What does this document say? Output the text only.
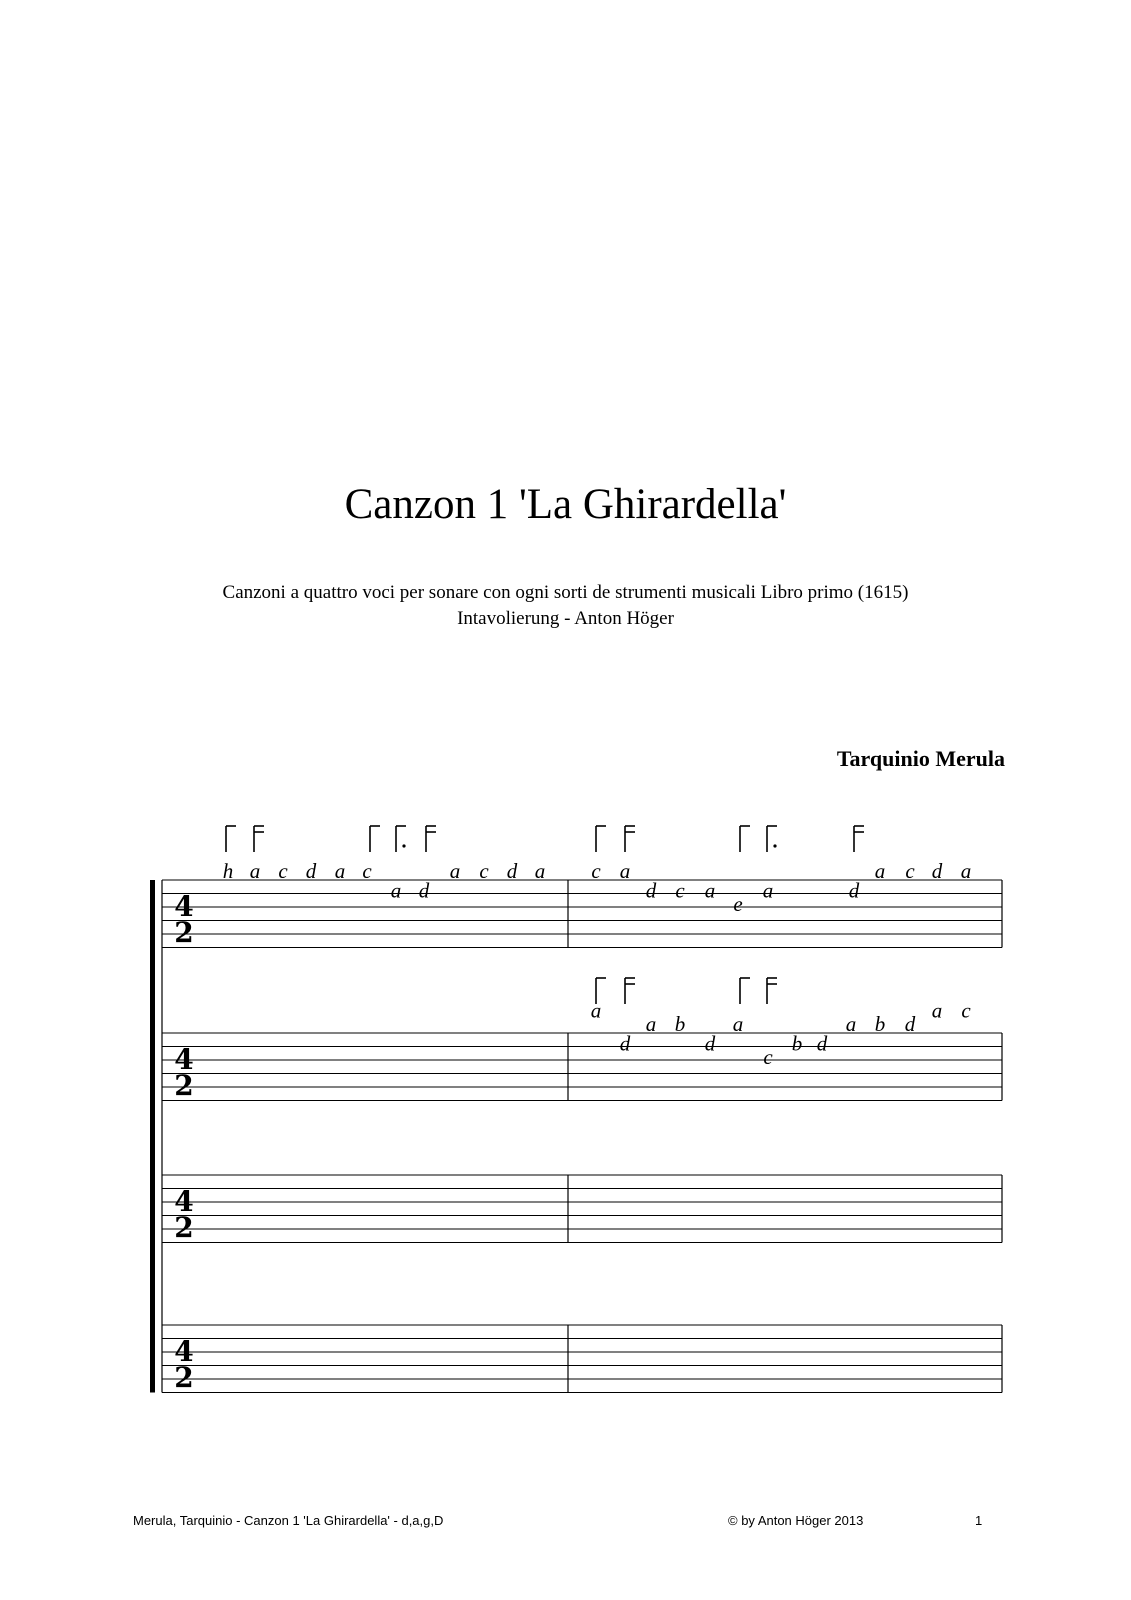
Canzon 1 'La Ghirardella'
Canzoni a quattro voci per sonare con ogni sorti de strumenti musicali Libro primo (1615)
Intavolierung - Anton Höger
Tarquinio Merula
4
2
4
2
4
2
4
2
h a c d a c
a d
a c d a c a
d c a
e
a	d
a c d a
a
d
a b
d
a
c
b d
a b d
a c
Merula, Tarquinio - Canzon 1 'La Ghirardella' - d,a,g,D	© by Anton Höger 2013	1
